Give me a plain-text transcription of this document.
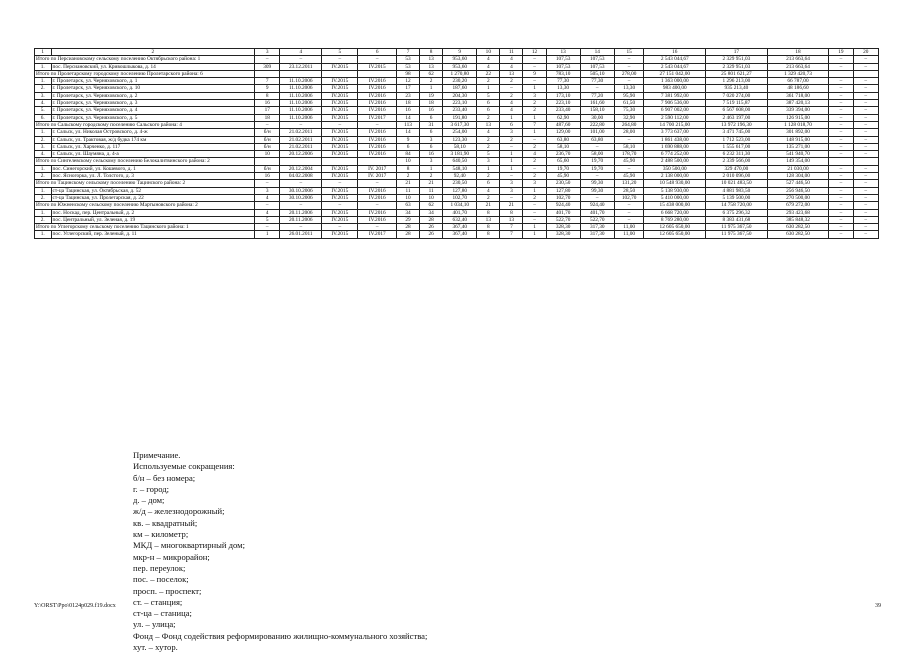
1	2	3	4	5	6	7	8	9	10	11	12	13	14	15	16	17	18	19	20
Итого по Персиановскому сельскому поселению Октябрьского района: 1		–	–	–	–	53	13	953,60	4	4	–	107,53	107,53	–	2 543 044,67	2 329 951,03	213 663,64	–	–
1.	пос. Персиановский, ул. Кривошлыкова, д. 14	309	23.12.2011	IV.2015	IV.2015	53	13	953,60	4	4	–	107,53	107,53	–	2 543 044,67	2 329 951,03	213 663,64	–	–
Итого по Пролетарскому городскому поселению Пролетарского района: 6						98	62	1 270,80	22	13	9	783,10	505,10	278,00	27 151 042,00	25 801 621,27	1 329 420,73		
1.	г. Пролетарск, ул. Черняховского, д. 1	7	11.10.2006	IV.2015	IV.2016	12	2	230,20	2	2	–	77,30	77,30	–	1 363 000,00	1 296 213,00	66 787,00	–	–
2.	г. Пролетарск, ул. Черняховского, д. 10	9	11.10.2006	IV.2015	IV.2016	17	1	187,60	1	–	1	13,30	–	13,30	983 400,00	935 213,40	48 186,60	–	–
3.	г. Пролетарск, ул. Черняховского, д. 2	8	11.10.2006	IV.2015	IV.2016	23	19	204,30	5	2	3	173,10	77,20	95,90	7 381 992,00	7 020 274,00	361 718,00	–	–
4.	г. Пролетарск, ул. Черняховского, д. 3	16	11.10.2006	IV.2015	IV.2016	18	18	223,10	6	4	2	223,10	161,60	61,50	7 906 536,00	7 519 115,87	387 420,13	–	–
5.	г. Пролетарск, ул. Черняховского, д. 4	17	11.10.2006	IV.2015	IV.2016	16	16	233,40	6	4	2	233,40	158,10	75,30	6 907 002,00	6 567 608,00	339 394,00	–	–
6.	г. Пролетарск, ул. Черняховского, д. 5	18	11.10.2006	IV.2015	IV.2017	14	6	191,80	2	1	1	62,90	30,00	32,90	2 590 112,00	2 463 197,00	126 915,00	–	–
Итого по Сальскому городскому поселению Сальского района: 4		–	–	–	–	113	31	3 617,30	13	6	7	487,60	222,80	264,80	14 700 215,00	13 972 196,30	1 128 018,70	–	–
1.	г. Сальск, ул. Николая Островского, д. 4-ж	б/н	21.02.2011	IV.2015	IV.2016	14	6	254,00	4	3	1	129,00	101,00	28,00	3 773 637,00	3 471 745,00	301 892,00	–	–
2.	г. Сальск, ул. Трактовая, ж/д будка 174 км	б/н	21.02.2011	IV.2015	IV.2016	9	3	123,30	2	2	–	63,80	63,80	–	1 861 438,00	1 712 523,00	148 915,00	–	–
3.	г. Сальск, ул. Харченко, д. 117	б/н	21.02.2011	IV.2015	IV.2016	6	6	58,10	2	–	2	58,10	–	58,10	1 690 888,00	1 555 617,00	135 271,00	–	–
4.	г. Сальск, ул. Шаумяна, д. 4-а	10	20.12.2006	IV.2015	IV.2016	84	16	3 181,90	5	1	4	236,70	58,00	178,70	6 774 252,00	6 232 311,30	541 940,70	–	–
Итого по Сингелевскому сельскому поселению Белокалитвинского района: 2						10	3	640,50	3	1	2	65,60	19,70	45,90	2 488 500,00	2 339 566,00	149 354,00		
1.	пос. Синегорский, ул. Кошевого, д. 1	б/н	20.12.2004	IV.2015	IV. 2017	8	1	548,10	1	1	–	19,70	19,70	–	350 500,00	329 470,00	21 030,00	–	–
2.	пос. Ясногорка, ул. Л. Толстого, д. 3	16	04.02.2008	IV.2015	IV. 2017	2	2	92,40	2	–	2	45,90	–	45,90	2 138 000,00	2 010 096,00	128 304,00	–	–
Итого по Тацинскому сельскому поселению Тацинского района: 2		–	–	–	–	21	21	230,50	6	3	3	230,50	99,30	131,20	10 548 930,00	10 021 483,50	527 446,50	–	–
1.	ст-ца Тацинская, ул. Октябрьская, д. 52	3	30.10.2006	IV.2015	IV.2016	11	11	127,80	4	3	1	127,80	99,30	28,50	5 138 930,00	4 881 983,50	256 946,50	–	–
2.	ст-ца Тацинская, ул. Пролетарская, д. 22	4	30.10.2006	IV.2015	IV.2016	10	10	102,70	2	–	2	102,70	–	102,70	5 410 000,00	5 139 500,00	270 500,00	–	–
Итого по Южненскому сельскому поселению Мартыновского района: 2		–	–	–	–	63	62	1 034,10	21	21	–	924,40	924,40	–	15 438 000,00	14 758 720,00	679 272,00	–	–
1.	пос. Носкад, пер. Центральный, д. 2	4	20.11.2006	IV.2015	IV.2016	34	34	401,70	8	8	–	401,70	401,70	–	6 668 720,00	6 375 296,32	293 423,68	–	–
2.	пос. Центральный, ул. Зеленая, д. 19	5	20.11.2006	IV.2015	IV.2016	29	28	632,40	13	13	–	522,70	522,70	–	8 769 280,00	8 383 431,68	385 848,32	–	–
Итого по Углегорскому сельскому поселению Тацинского района: 1		–	–	–	–	28	26	367,40	8	7	1	328,30	317,30	11,00	12 605 650,00	11 975 367,50	630 282,50	–	–
1.	пос. Углегорский, пер. Зеленый, д. 11	1	26.01.2011	IV.2015	IV.2017	28	26	367,40	8	7	1	328,30	317,30	11,00	12 605 650,00	11 975 367,50	630 282,50	–	–
Примечание.
Используемые сокращения:
б/н – без номера;
г. – город;
д. – дом;
ж/д – железнодорожный;
кв. – квадратный;
км – километр;
МКД – многоквартирный дом;
мкр-н – микрорайон;
пер. переулок;
пос. – поселок;
просп. – проспект;
ст. – станция;
ст-ца – станица;
ул. – улица;
Фонд – Фонд содействия реформированию жилищно-коммунального хозяйства;
хут. – хутор.
Y:\ORST\Ppo\0124p029.f19.docx	39
